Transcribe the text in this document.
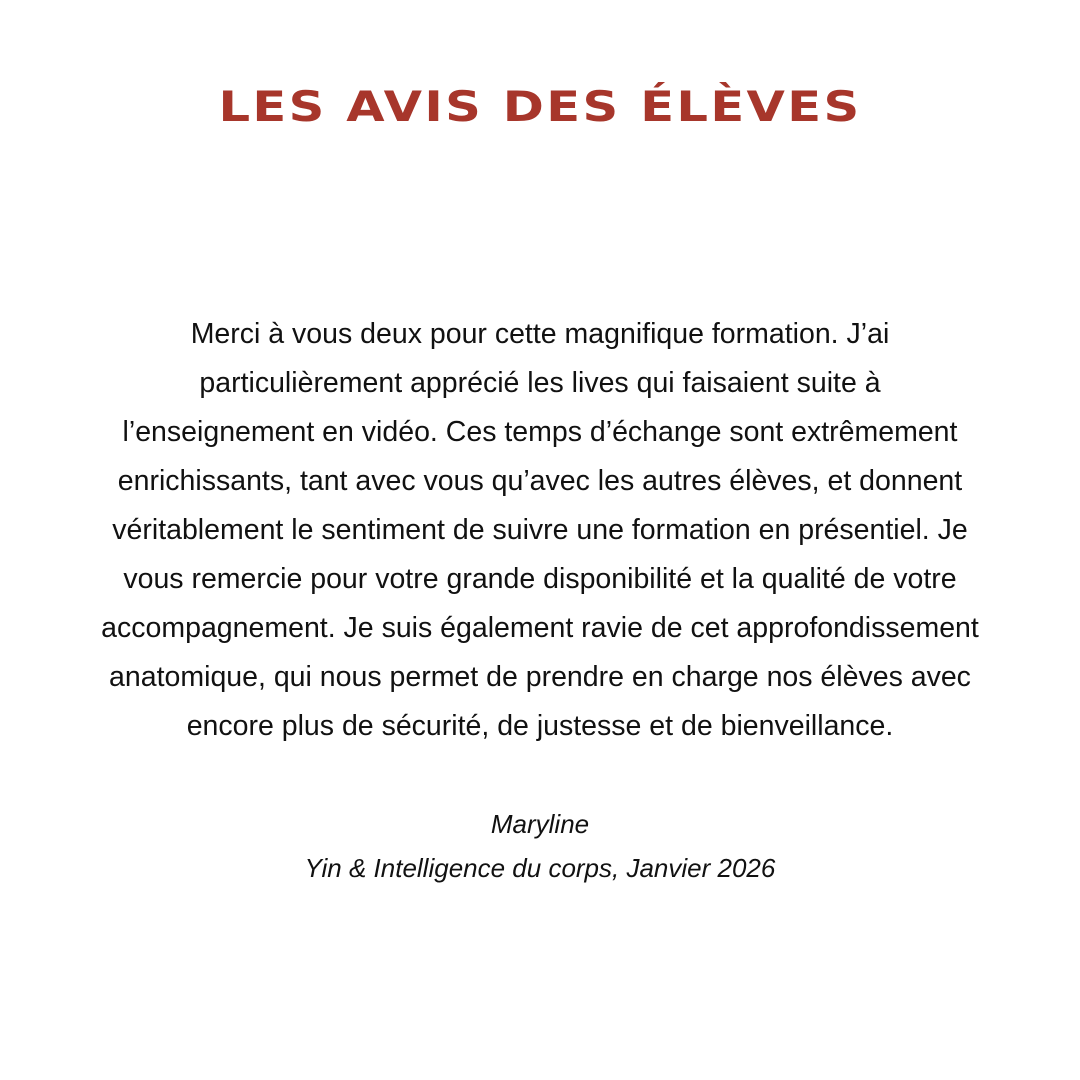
LES AVIS DES ÉLÈVES

Merci à vous deux pour cette magnifique formation. J’ai
particulièrement apprécié les lives qui faisaient suite à
l’enseignement en vidéo. Ces temps d’échange sont extrêmement
enrichissants, tant avec vous qu’avec les autres élèves, et donnent
véritablement le sentiment de suivre une formation en présentiel. Je
vous remercie pour votre grande disponibilité et la qualité de votre
accompagnement. Je suis également ravie de cet approfondissement
anatomique, qui nous permet de prendre en charge nos élèves avec
encore plus de sécurité, de justesse et de bienveillance.

Maryline
Yin & Intelligence du corps, Janvier 2026
